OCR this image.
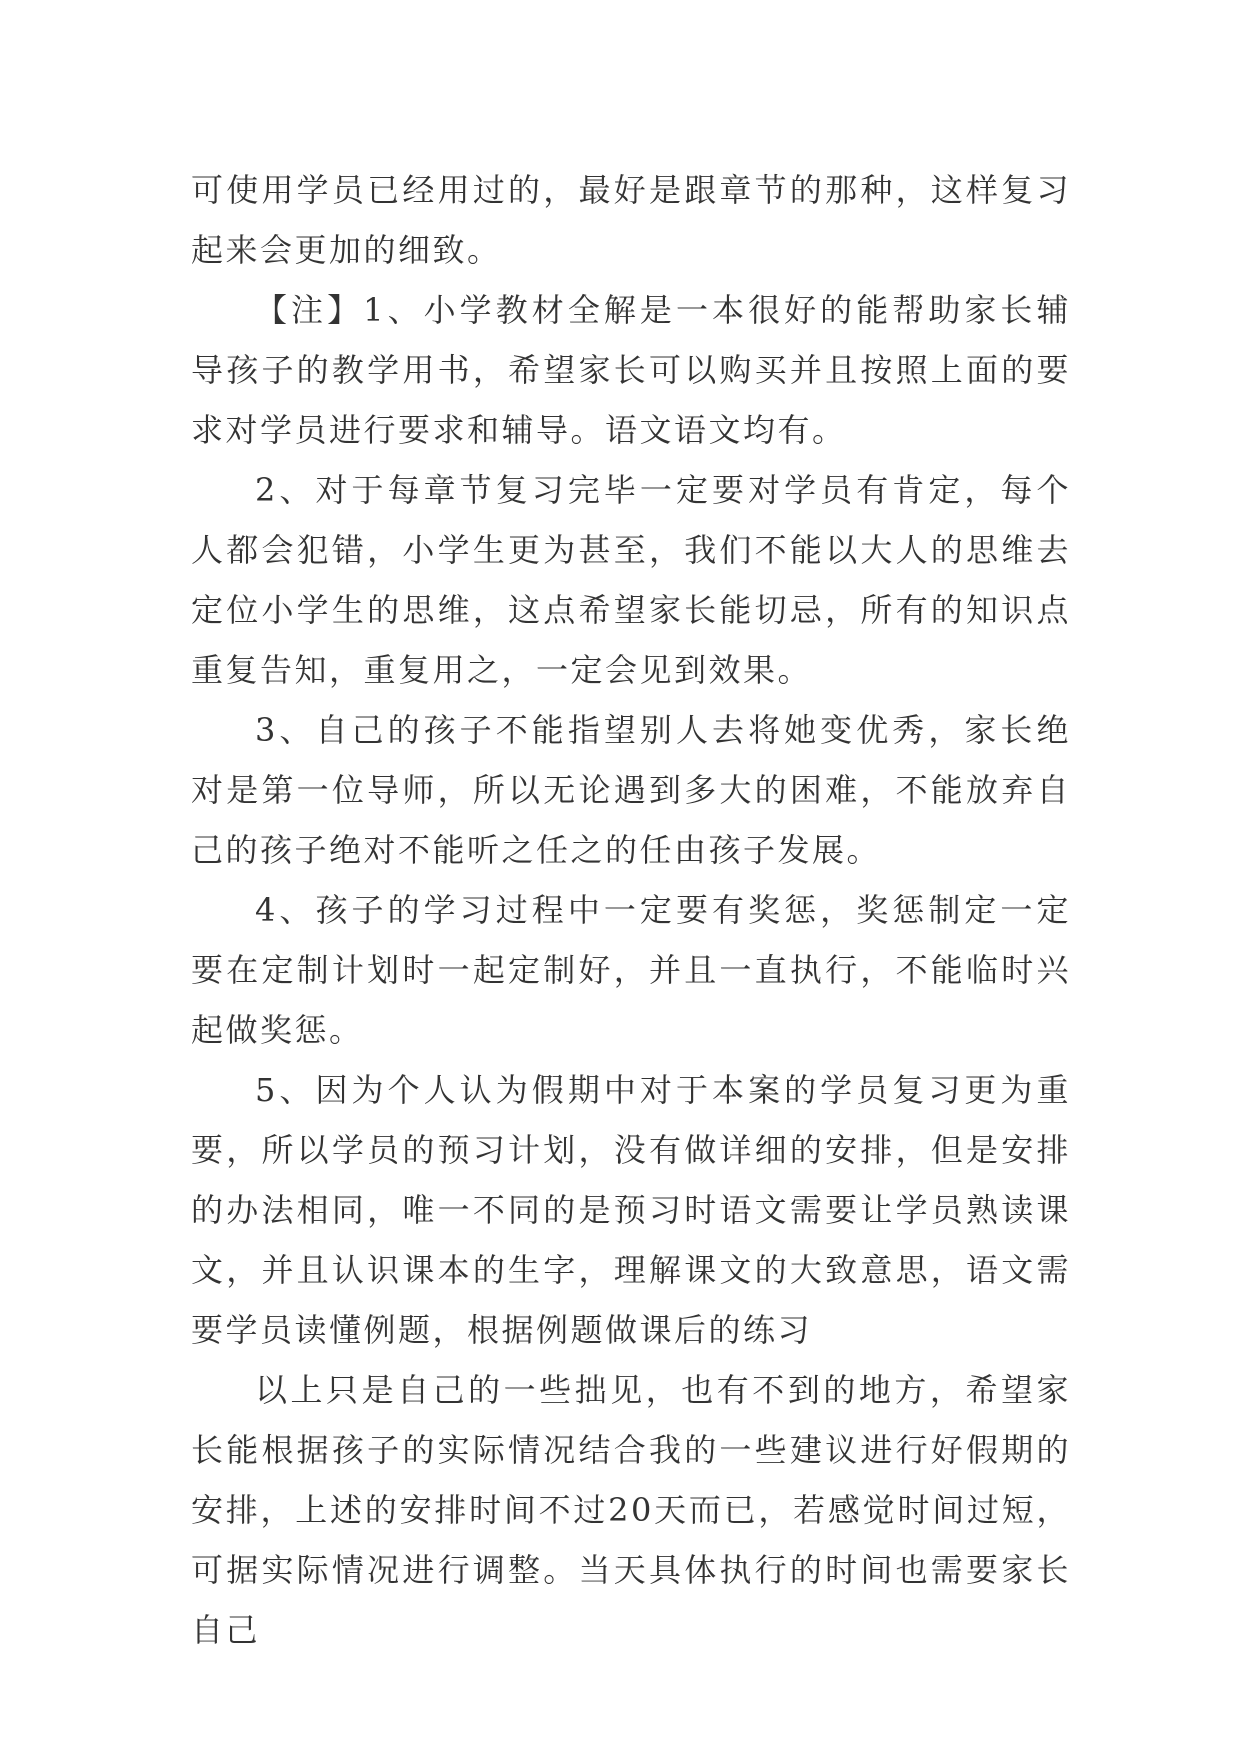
可使用学员已经用过的，最好是跟章节的那种，这样复习起来会更加的细致。

【注】1、小学教材全解是一本很好的能帮助家长辅导孩子的教学用书，希望家长可以购买并且按照上面的要求对学员进行要求和辅导。语文语文均有。

2、对于每章节复习完毕一定要对学员有肯定，每个人都会犯错，小学生更为甚至，我们不能以大人的思维去定位小学生的思维，这点希望家长能切忌，所有的知识点重复告知，重复用之，一定会见到效果。

3、自己的孩子不能指望别人去将她变优秀，家长绝对是第一位导师，所以无论遇到多大的困难，不能放弃自己的孩子绝对不能听之任之的任由孩子发展。

4、孩子的学习过程中一定要有奖惩，奖惩制定一定要在定制计划时一起定制好，并且一直执行，不能临时兴起做奖惩。

5、因为个人认为假期中对于本案的学员复习更为重要，所以学员的预习计划，没有做详细的安排，但是安排的办法相同，唯一不同的是预习时语文需要让学员熟读课文，并且认识课本的生字，理解课文的大致意思，语文需要学员读懂例题，根据例题做课后的练习

以上只是自己的一些拙见，也有不到的地方，希望家长能根据孩子的实际情况结合我的一些建议进行好假期的安排，上述的安排时间不过20天而已，若感觉时间过短，可据实际情况进行调整。当天具体执行的时间也需要家长自己
